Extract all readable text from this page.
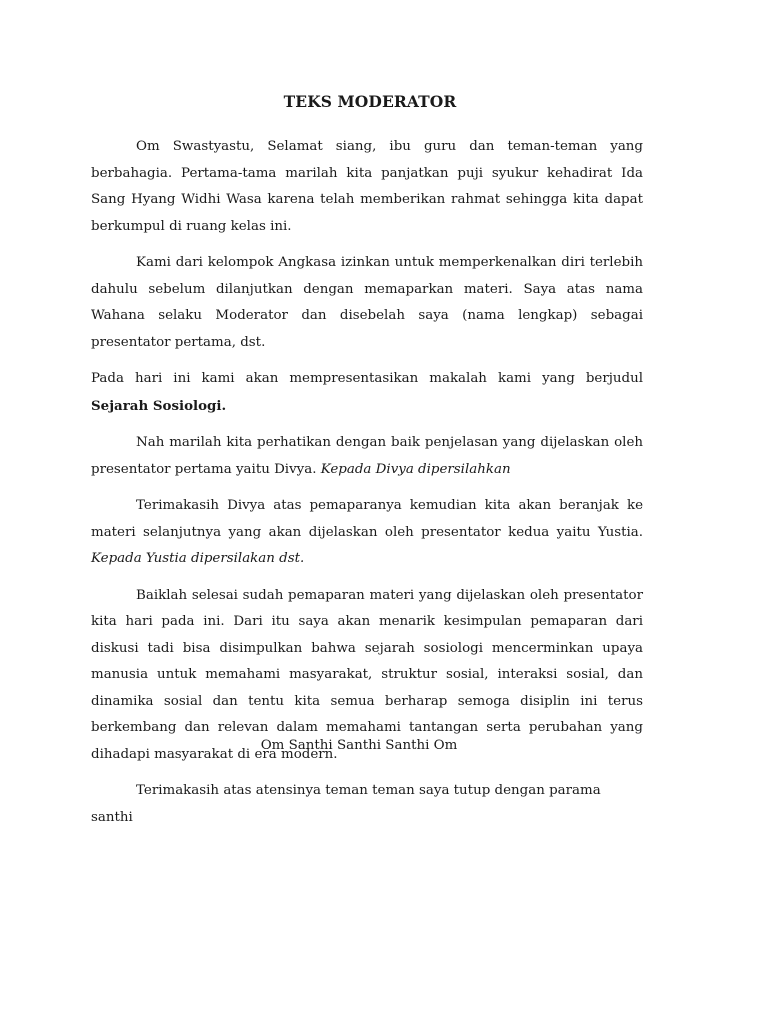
TEKS MODERATOR

Om Swastyastu, Selamat siang, ibu guru dan teman-teman yang berbahagia. Pertama-tama marilah kita panjatkan puji syukur kehadirat Ida Sang Hyang Widhi Wasa karena telah memberikan rahmat sehingga kita dapat berkumpul di ruang kelas ini.

Kami dari kelompok Angkasa izinkan untuk memperkenalkan diri terlebih dahulu sebelum dilanjutkan dengan memaparkan materi. Saya atas nama Wahana selaku Moderator dan disebelah saya (nama lengkap) sebagai presentator pertama, dst.

Pada hari ini kami akan mempresentasikan makalah kami yang berjudul Sejarah Sosiologi.

Nah marilah kita perhatikan dengan baik penjelasan yang dijelaskan oleh presentator pertama yaitu Divya. Kepada Divya dipersilahkan

Terimakasih Divya atas pemaparanya kemudian kita akan beranjak ke materi selanjutnya yang akan dijelaskan oleh presentator kedua yaitu Yustia. Kepada Yustia dipersilakan dst.

Baiklah selesai sudah pemaparan materi yang dijelaskan oleh presentator kita hari pada ini. Dari itu saya akan menarik kesimpulan pemaparan dari diskusi tadi bisa disimpulkan bahwa sejarah sosiologi mencerminkan upaya manusia untuk memahami masyarakat, struktur sosial, interaksi sosial, dan dinamika sosial dan tentu kita semua berharap semoga disiplin ini terus berkembang dan relevan dalam memahami tantangan serta perubahan yang dihadapi masyarakat di era modern.

Terimakasih atas atensinya teman teman saya tutup dengan parama santhi

Om Santhi Santhi Santhi Om
